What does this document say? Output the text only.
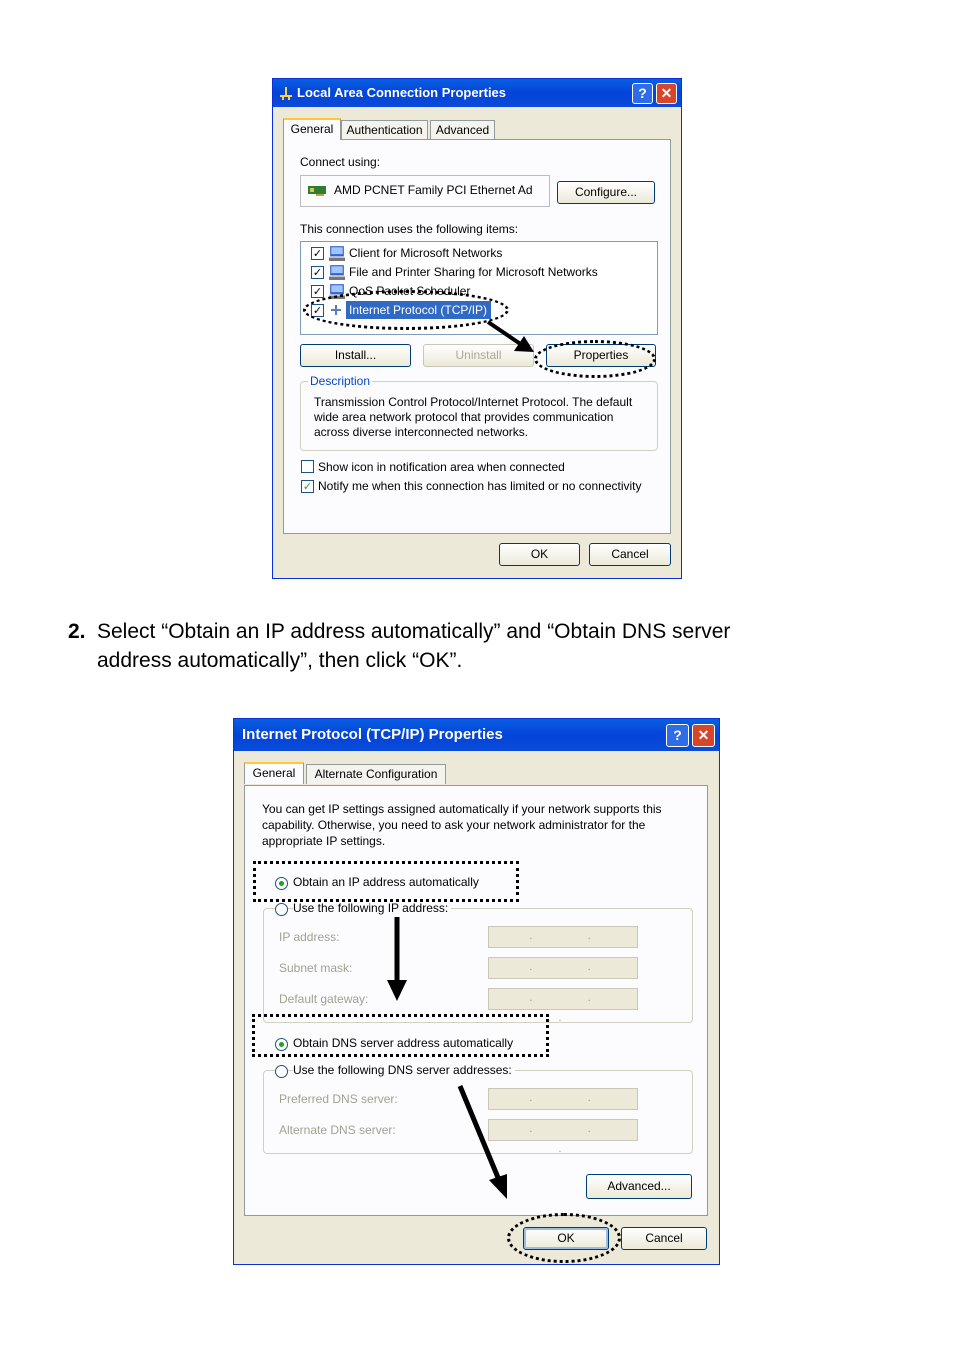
Local Area Connection Properties	? ✕
General	Authentication	Advanced
Connect using:
AMD PCNET Family PCI Ethernet Ad	Configure...
This connection uses the following items:
✓ Client for Microsoft Networks
✓ File and Printer Sharing for Microsoft Networks
✓ QoS Packet Scheduler
✓ Internet Protocol (TCP/IP)
Install...	Uninstall	Properties
Description
Transmission Control Protocol/Internet Protocol. The default wide area network protocol that provides communication across diverse interconnected networks.
Show icon in notification area when connected
✓ Notify me when this connection has limited or no connectivity
OK	Cancel
2. Select “Obtain an IP address automatically” and “Obtain DNS server
address automatically”, then click “OK”.
Internet Protocol (TCP/IP) Properties	?	✕
General	Alternate Configuration
You can get IP settings assigned automatically if your network supports this capability. Otherwise, you need to ask your network administrator for the appropriate IP settings.
Obtain an IP address automatically
Use the following IP address:
IP address:	. .
Subnet mask:	. .
Default gateway:	. . .
Obtain DNS server address automatically
Use the following DNS server addresses:
Preferred DNS server:	. .
Alternate DNS server:	. . .
Advanced...
OK	Cancel
